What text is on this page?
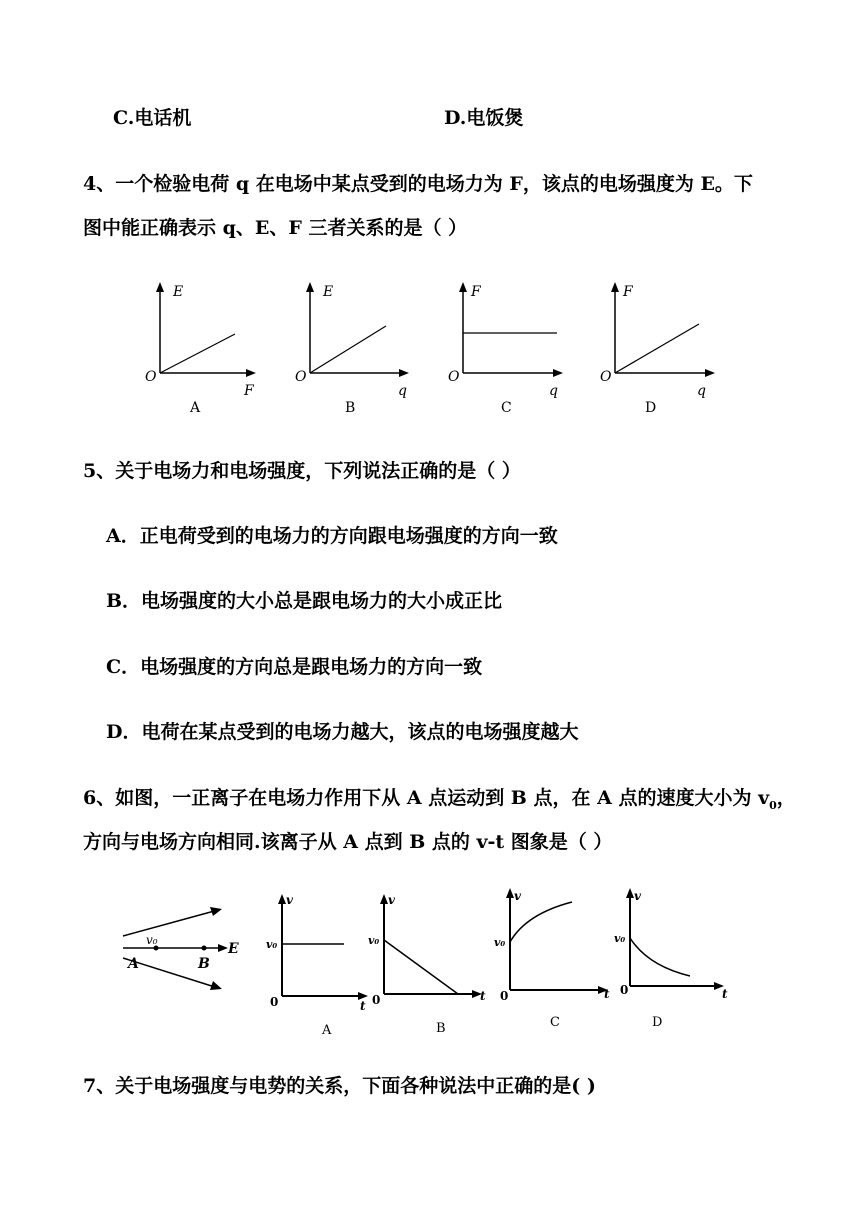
C.电话机	D.电饭煲
4、一个检验电荷 q 在电场中某点受到的电场力为 F，该点的电场强度为 E。下
图中能正确表示 q、E、F 三者关系的是（ ）
E
O
F
A
E
O
q
B
F
O
q
C
F
O
q
D
5、关于电场力和电场强度，下列说法正确的是（ ）
A．正电荷受到的电场力的方向跟电场强度的方向一致
B．电场强度的大小总是跟电场力的大小成正比
C．电场强度的方向总是跟电场力的方向一致
D．电荷在某点受到的电场力越大，该点的电场强度越大
6、如图，一正离子在电场力作用下从 A 点运动到 B 点，在 A 点的速度大小为 $v_0$，
方向与电场方向相同.该离子从 A 点到 B 点的 v-t 图象是（ ）
v₀
A	B
E
v
v₀
0	t
A
v
v₀
0	t
B
v
v₀
0	t
C
v
v₀
0	t
D
7、关于电场强度与电势的关系，下面各种说法中正确的是( )
